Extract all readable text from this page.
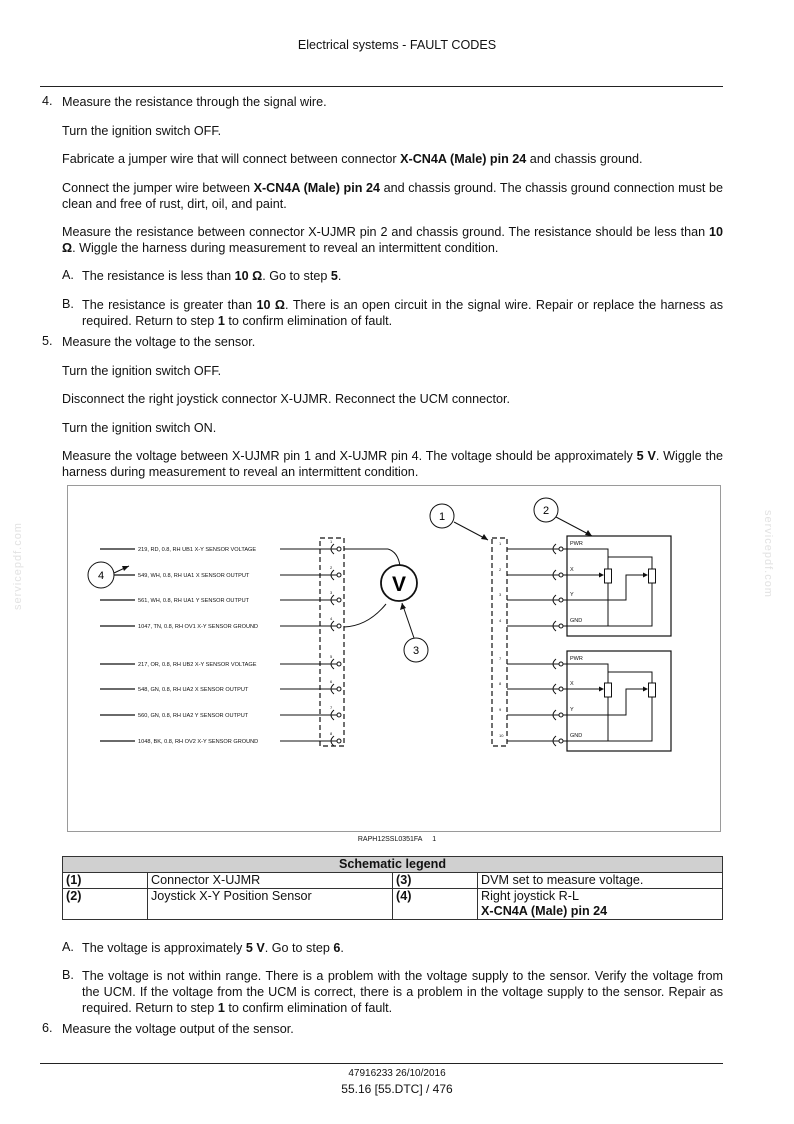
Electrical systems - FAULT CODES
4. Measure the resistance through the signal wire.
Turn the ignition switch OFF.
Fabricate a jumper wire that will connect between connector X-CN4A (Male) pin 24 and chassis ground.
Connect the jumper wire between X-CN4A (Male) pin 24 and chassis ground. The chassis ground connection must be clean and free of rust, dirt, oil, and paint.
Measure the resistance between connector X-UJMR pin 2 and chassis ground. The resistance should be less than 10 Ω. Wiggle the harness during measurement to reveal an intermittent condition.
A. The resistance is less than 10 Ω. Go to step 5.
B. The resistance is greater than 10 Ω. There is an open circuit in the signal wire. Repair or replace the harness as required. Return to step 1 to confirm elimination of fault.
5. Measure the voltage to the sensor.
Turn the ignition switch OFF.
Disconnect the right joystick connector X-UJMR. Reconnect the UCM connector.
Turn the ignition switch ON.
Measure the voltage between X-UJMR pin 1 and X-UJMR pin 4. The voltage should be approximately 5 V. Wiggle the harness during measurement to reveal an intermittent condition.
219, RD, 0.8, RH UB1 X-Y SENSOR VOLTAGE
1	1
549, WH, 0.8, RH UA1 X SENSOR OUTPUT
2	2
561, WH, 0.8, RH UA1 Y SENSOR OUTPUT
3	3
1047, TN, 0.8, RH OV1 X-Y SENSOR GROUND
4	4
217, OR, 0.8, RH UB2 X-Y SENSOR VOLTAGE
5	7
548, GN, 0.8, RH UA2 X SENSOR OUTPUT
6	8
560, GN, 0.8, RH UA2 Y SENSOR OUTPUT
7	9
1048, BK, 0.8, RH OV2 X-Y SENSOR GROUND
8	10
PWR
X
Y
GND
PWR
X
Y
GND
V
1	2
3
4
RAPH12SSL0351FA 1
Schematic legend			
(1)	Connector X-UJMR	(3)	DVM set to measure voltage.
(2)	Joystick X-Y Position Sensor	(4)	Right joystick R-L
X-CN4A (Male) pin 24
A. The voltage is approximately 5 V. Go to step 6.
B. The voltage is not within range. There is a problem with the voltage supply to the sensor. Verify the voltage from the UCM. If the voltage from the UCM is correct, there is a problem in the voltage supply to the sensor. Repair as required. Return to step 1 to confirm elimination of fault.
6. Measure the voltage output of the sensor.
servicepdf.com	servicepdf.com
47916233 26/10/2016
55.16 [55.DTC] / 476
